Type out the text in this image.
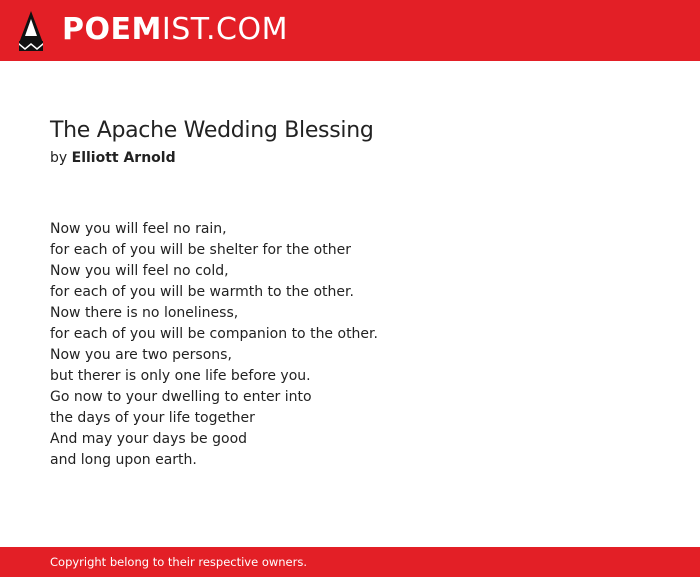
POEMIST.COM
The Apache Wedding Blessing
by Elliott Arnold
Now you will feel no rain,
for each of you will be shelter for the other
Now you will feel no cold,
for each of you will be warmth to the other.
Now there is no loneliness,
for each of you will be companion to the other.
Now you are two persons,
but therer is only one life before you.
Go now to your dwelling to enter into
the days of your life together
And may your days be good
and long upon earth.
Copyright belong to their respective owners.
